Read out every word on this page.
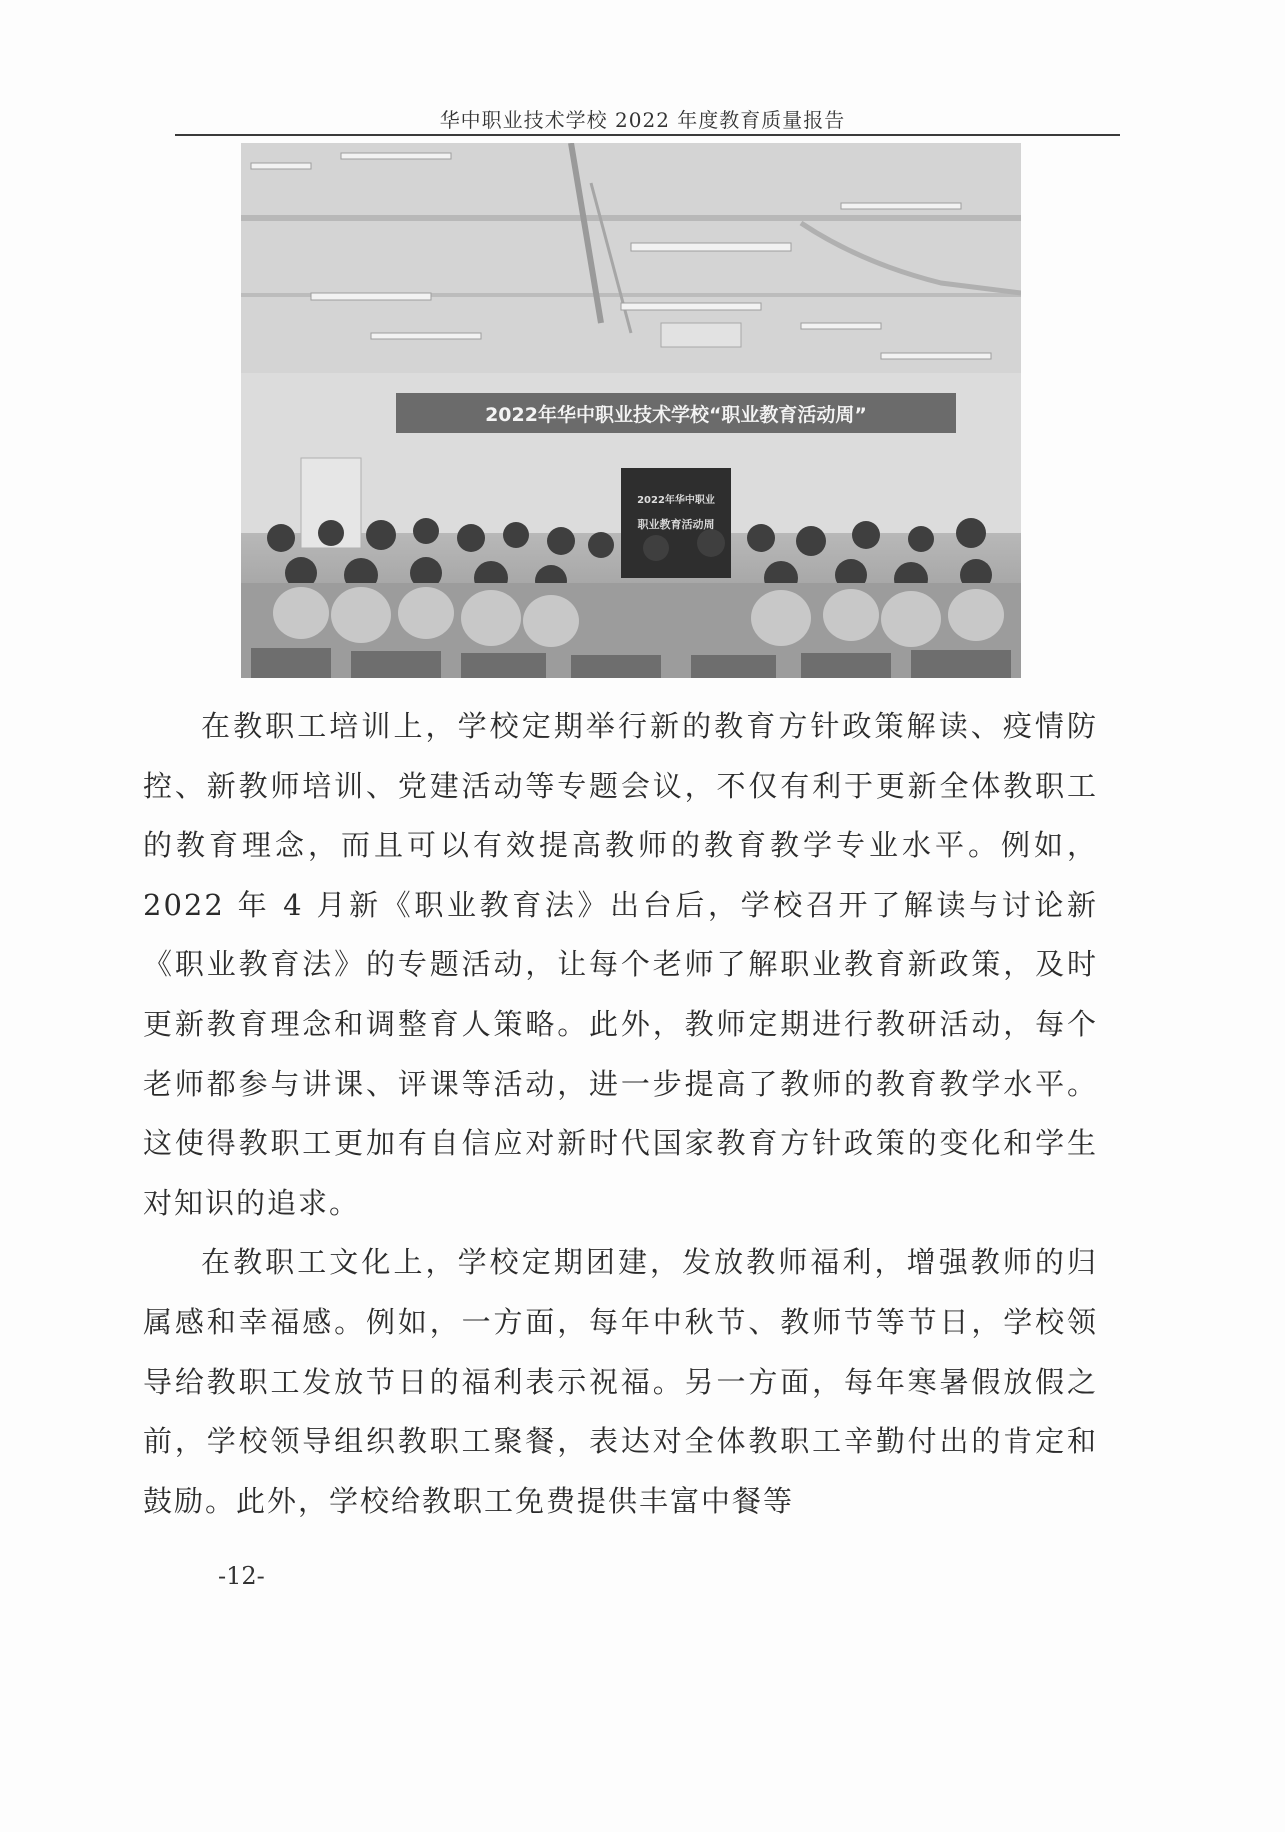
华中职业技术学校 2022 年度教育质量报告
2022年华中职业技术学校“职业教育活动周”
2022年华中职业
职业教育活动周

在教职工培训上，学校定期举行新的教育方针政策解读、疫情防控、新教师培训、党建活动等专题会议，不仅有利于更新全体教职工的教育理念，而且可以有效提高教师的教育教学专业水平。例如，2022 年 4 月新《职业教育法》出台后，学校召开了解读与讨论新《职业教育法》的专题活动，让每个老师了解职业教育新政策，及时更新教育理念和调整育人策略。此外，教师定期进行教研活动，每个老师都参与讲课、评课等活动，进一步提高了教师的教育教学水平。这使得教职工更加有自信应对新时代国家教育方针政策的变化和学生对知识的追求。

在教职工文化上，学校定期团建，发放教师福利，增强教师的归属感和幸福感。例如，一方面，每年中秋节、教师节等节日，学校领导给教职工发放节日的福利表示祝福。另一方面，每年寒暑假放假之前，学校领导组织教职工聚餐，表达对全体教职工辛勤付出的肯定和鼓励。此外，学校给教职工免费提供丰富中餐等

-12-
